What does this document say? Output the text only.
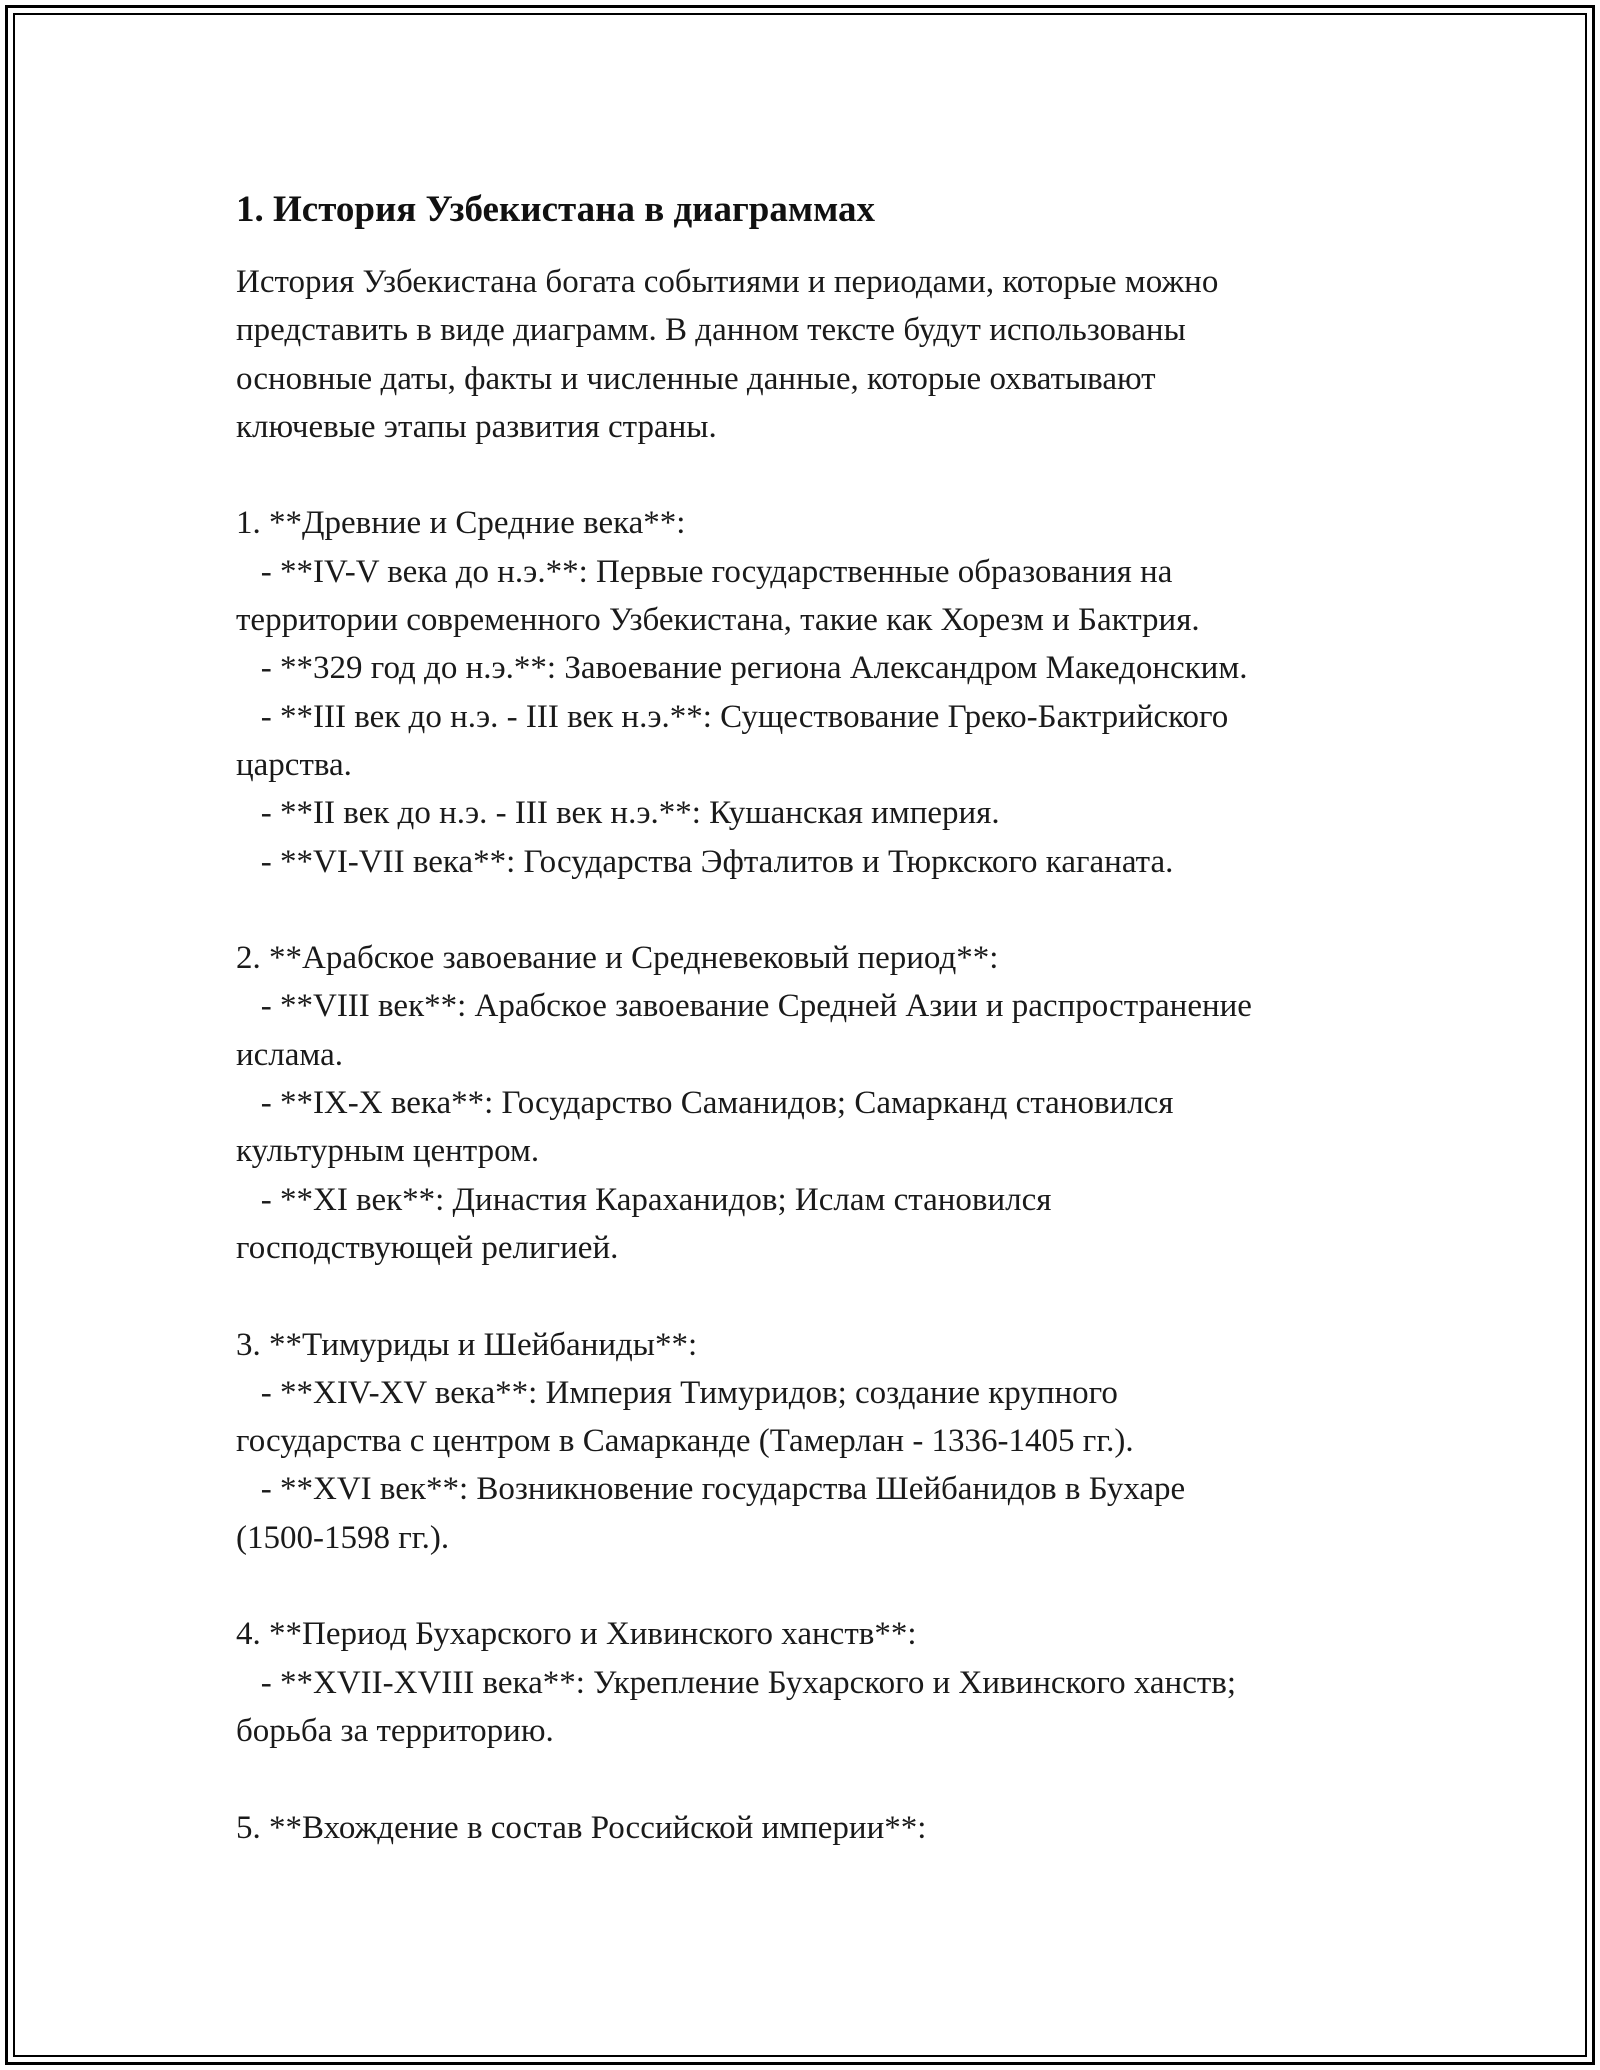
1. История Узбекистана в диаграммах

История Узбекистана богата событиями и периодами, которые можно
представить в виде диаграмм. В данном тексте будут использованы
основные даты, факты и численные данные, которые охватывают
ключевые этапы развития страны.

1. **Древние и Средние века**:
- **IV-V века до н.э.**: Первые государственные образования на
территории современного Узбекистана, такие как Хорезм и Бактрия.
- **329 год до н.э.**: Завоевание региона Александром Македонским.
- **III век до н.э. - III век н.э.**: Существование Греко-Бактрийского
царства.
- **II век до н.э. - III век н.э.**: Кушанская империя.
- **VI-VII века**: Государства Эфталитов и Тюркского каганата.

2. **Арабское завоевание и Средневековый период**:
- **VIII век**: Арабское завоевание Средней Азии и распространение
ислама.
- **IX-X века**: Государство Саманидов; Самарканд становился
культурным центром.
- **XI век**: Династия Караханидов; Ислам становился
господствующей религией.

3. **Тимуриды и Шейбаниды**:
- **XIV-XV века**: Империя Тимуридов; создание крупного
государства с центром в Самарканде (Тамерлан - 1336-1405 гг.).
- **XVI век**: Возникновение государства Шейбанидов в Бухаре
(1500-1598 гг.).

4. **Период Бухарского и Хивинского ханств**:
- **XVII-XVIII века**: Укрепление Бухарского и Хивинского ханств;
борьба за территорию.

5. **Вхождение в состав Российской империи**:
